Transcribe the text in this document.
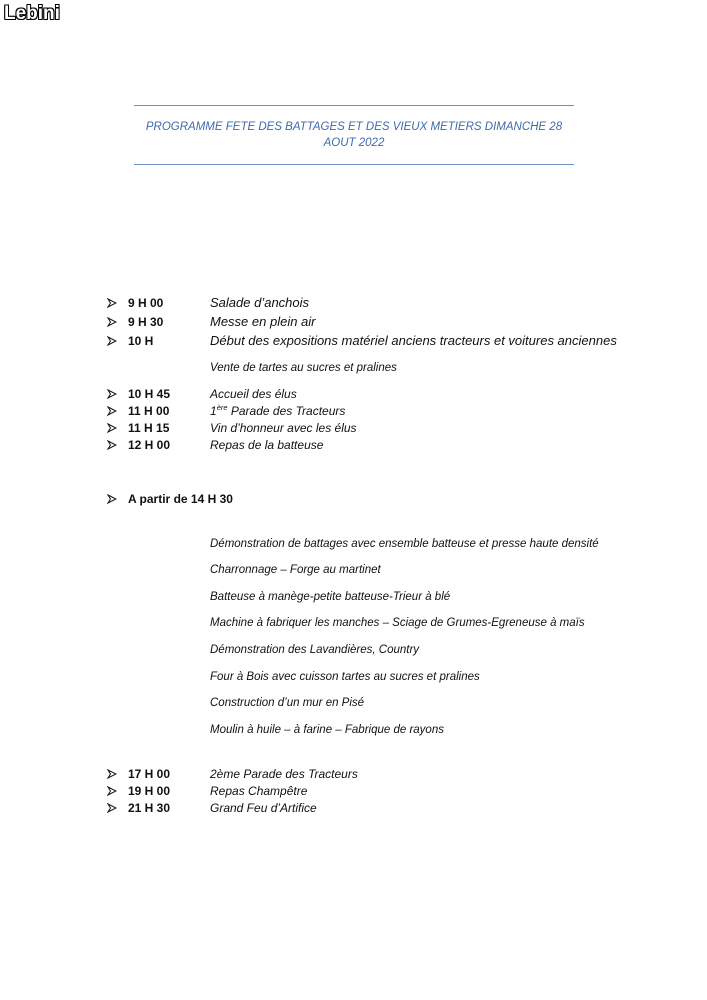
Lebini
PROGRAMME FETE DES BATTAGES ET DES VIEUX METIERS DIMANCHE 28 AOUT 2022
9 H 00	Salade d’anchois
9 H 30	Messe en plein air
10 H	Début des expositions matériel anciens tracteurs et voitures anciennes
Vente de tartes au sucres et pralines
10 H 45	Accueil des élus
11 H 00	1ère Parade des Tracteurs
11 H 15	Vin d’honneur avec les élus
12 H 00	Repas de la batteuse
A partir de 14 H 30
Démonstration de battages avec ensemble batteuse et presse haute densité
Charronnage – Forge au martinet
Batteuse à manège-petite batteuse-Trieur à blé
Machine à fabriquer les manches – Sciage de Grumes-Egreneuse à maïs
Démonstration des Lavandières, Country
Four à Bois avec cuisson tartes au sucres et pralines
Construction d’un mur en Pisé
Moulin à huile – à farine – Fabrique de rayons
17 H 00	2ème Parade des Tracteurs
19 H 00	Repas Champêtre
21 H 30	Grand Feu d’Artifice
